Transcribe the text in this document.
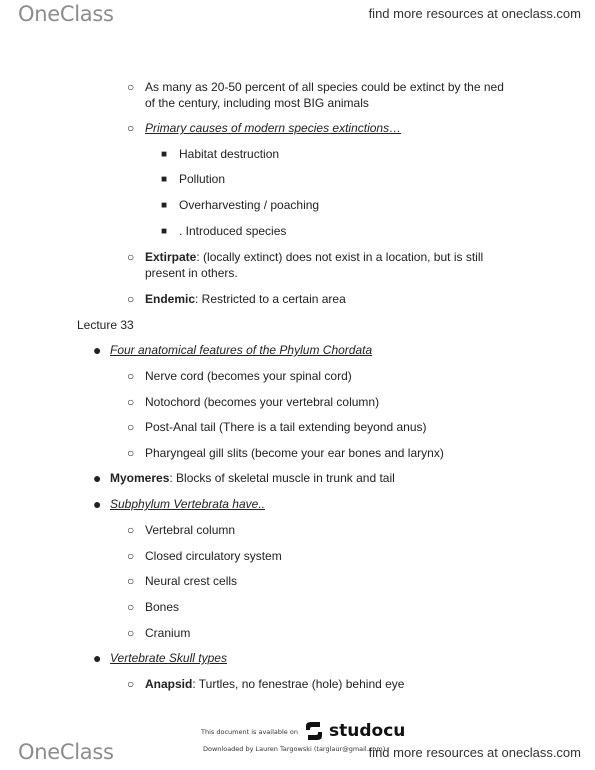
OneClass	find more resources at oneclass.com
○ As many as 20-50 percent of all species could be extinct by the ned
of the century, including most BIG animals
○ Primary causes of modern species extinctions…
■ Habitat destruction
■ Pollution
■ Overharvesting / poaching
■ . Introduced species
○ Extirpate: (locally extinct) does not exist in a location, but is still
present in others.
○ Endemic: Restricted to a certain area
Lecture 33
● Four anatomical features of the Phylum Chordata
○ Nerve cord (becomes your spinal cord)
○ Notochord (becomes your vertebral column)
○ Post-Anal tail (There is a tail extending beyond anus)
○ Pharyngeal gill slits (become your ear bones and larynx)
● Myomeres: Blocks of skeletal muscle in trunk and tail
● Subphylum Vertebrata have..
○ Vertebral column
○ Closed circulatory system
○ Neural crest cells
○ Bones
○ Cranium
● Vertebrate Skull types
○ Anapsid: Turtles, no fenestrae (hole) behind eye
This document is available on studocu
Downloaded by Lauren Targowski (targlaur@gmail.com)
OneClass	find more resources at oneclass.com
